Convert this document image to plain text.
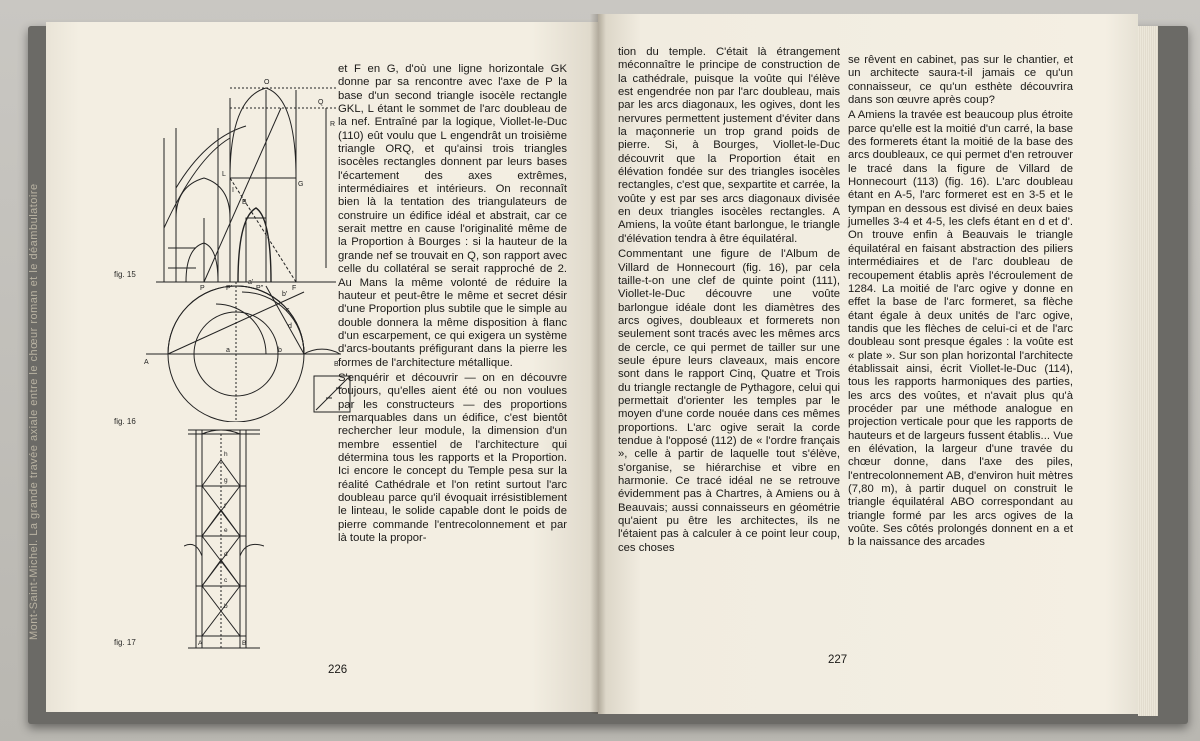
Mont-Saint-Michel. La grande travée axiale entre le chœur roman et le déambulatoire
O
Q
R
G
L
I
B
P	P'	P''	F
fig. 15
a'
b'
c
d
A	B
a	b
fig. 16
h
g
f
e
d
c
b
A	B
fig. 17

et F en G, d'où une ligne horizontale GK donne par sa rencontre avec l'axe de P la base d'un second triangle isocèle rectangle GKL, L étant le sommet de l'arc doubleau de la nef. Entraîné par la logique, Viollet-le-Duc (110) eût voulu que L engendrât un troisième triangle ORQ, et qu'ainsi trois triangles isocèles rectangles donnent par leurs bases l'écartement des axes extrêmes, intermédiaires et intérieurs. On reconnaît bien là la tentation des triangulateurs de construire un édifice idéal et abstrait, car ce serait mettre en cause l'originalité même de la Proportion à Bourges : si la hauteur de la grande nef se trouvait en Q, son rapport avec celle du collatéral se serait rapproché de 2. Au Mans la même volonté de réduire la hauteur et peut-être le même et secret désir d'une Proportion plus subtile que le simple au double donnera la même disposition à flanc d'un escarpement, ce qui exigera un système d'arcs-boutants préfigurant dans la pierre les formes de l'architecture métallique.

S'enquérir et découvrir — on en découvre toujours, qu'elles aient été ou non voulues par les constructeurs — des proportions remarquables dans un édifice, c'est bientôt rechercher leur module, la dimension d'un membre essentiel de l'architecture qui détermina tous les rapports et la Proportion. Ici encore le concept du Temple pesa sur la réalité Cathédrale et l'on retint surtout l'arc doubleau parce qu'il évoquait irrésistiblement le linteau, le solide capable dont le poids de pierre commande l'entrecolonnement et par là toute la propor-

226

tion du temple. C'était là étrangement méconnaître le principe de construction de la cathédrale, puisque la voûte qui l'élève est engendrée non par l'arc doubleau, mais par les arcs diagonaux, les ogives, dont les nervures permettent justement d'éviter dans la maçonnerie un trop grand poids de pierre. Si, à Bourges, Viollet-le-Duc découvrit que la Proportion était en élévation fondée sur des triangles isocèles rectangles, c'est que, sexpartite et carrée, la voûte y est par ses arcs diagonaux divisée en deux triangles isocèles rectangles. A Amiens, la voûte étant barlongue, le triangle d'élévation tendra à être équilatéral.

Commentant une figure de l'Album de Villard de Honnecourt (fig. 16), par cela taille-t-on une clef de quinte point (111), Viollet-le-Duc découvre une voûte barlongue idéale dont les diamètres des arcs ogives, doubleaux et formerets non seulement sont tracés avec les mêmes arcs de cercle, ce qui permet de tailler sur une seule épure leurs claveaux, mais encore sont dans le rapport Cinq, Quatre et Trois du triangle rectangle de Pythagore, celui qui permettait d'orienter les temples par le moyen d'une corde nouée dans ces mêmes proportions. L'arc ogive serait la corde tendue à l'opposé (112) de « l'ordre français », celle à partir de laquelle tout s'élève, s'organise, se hiérarchise et vibre en harmonie. Ce tracé idéal ne se retrouve évidemment pas à Chartres, à Amiens ou à Beauvais; aussi connaisseurs en géométrie qu'aient pu être les architectes, ils ne l'étaient pas à calculer à ce point leur coup, ces choses

se rêvent en cabinet, pas sur le chantier, et un architecte saura-t-il jamais ce qu'un connaisseur, ce qu'un esthète découvrira dans son œuvre après coup?

A Amiens la travée est beaucoup plus étroite parce qu'elle est la moitié d'un carré, la base des formerets étant la moitié de la base des arcs doubleaux, ce qui permet d'en retrouver le tracé dans la figure de Villard de Honnecourt (113) (fig. 16). L'arc doubleau étant en A-5, l'arc formeret est en 3-5 et le tympan en dessous est divisé en deux baies jumelles 3-4 et 4-5, les clefs étant en d et d'. On trouve enfin à Beauvais le triangle équilatéral en faisant abstraction des piliers intermédiaires et de l'arc doubleau de recoupement établis après l'écroulement de 1284. La moitié de l'arc ogive y donne en effet la base de l'arc formeret, sa flèche étant égale à deux unités de l'arc ogive, tandis que les flèches de celui-ci et de l'arc doubleau sont presque égales : la voûte est « plate ». Sur son plan horizontal l'architecte établissait ainsi, écrit Viollet-le-Duc (114), tous les rapports harmoniques des parties, les arcs des voûtes, et n'avait plus qu'à procéder par une méthode analogue en projection verticale pour que les rapports de hauteurs et de largeurs fussent établis... Vue en élévation, la largeur d'une travée du chœur donne, dans l'axe des piles, l'entrecolonnement AB, d'environ huit mètres (7,80 m), à partir duquel on construit le triangle équilatéral ABO correspondant au triangle formé par les arcs ogives de la voûte. Ses côtés prolongés donnent en a et b la naissance des arcades

227
